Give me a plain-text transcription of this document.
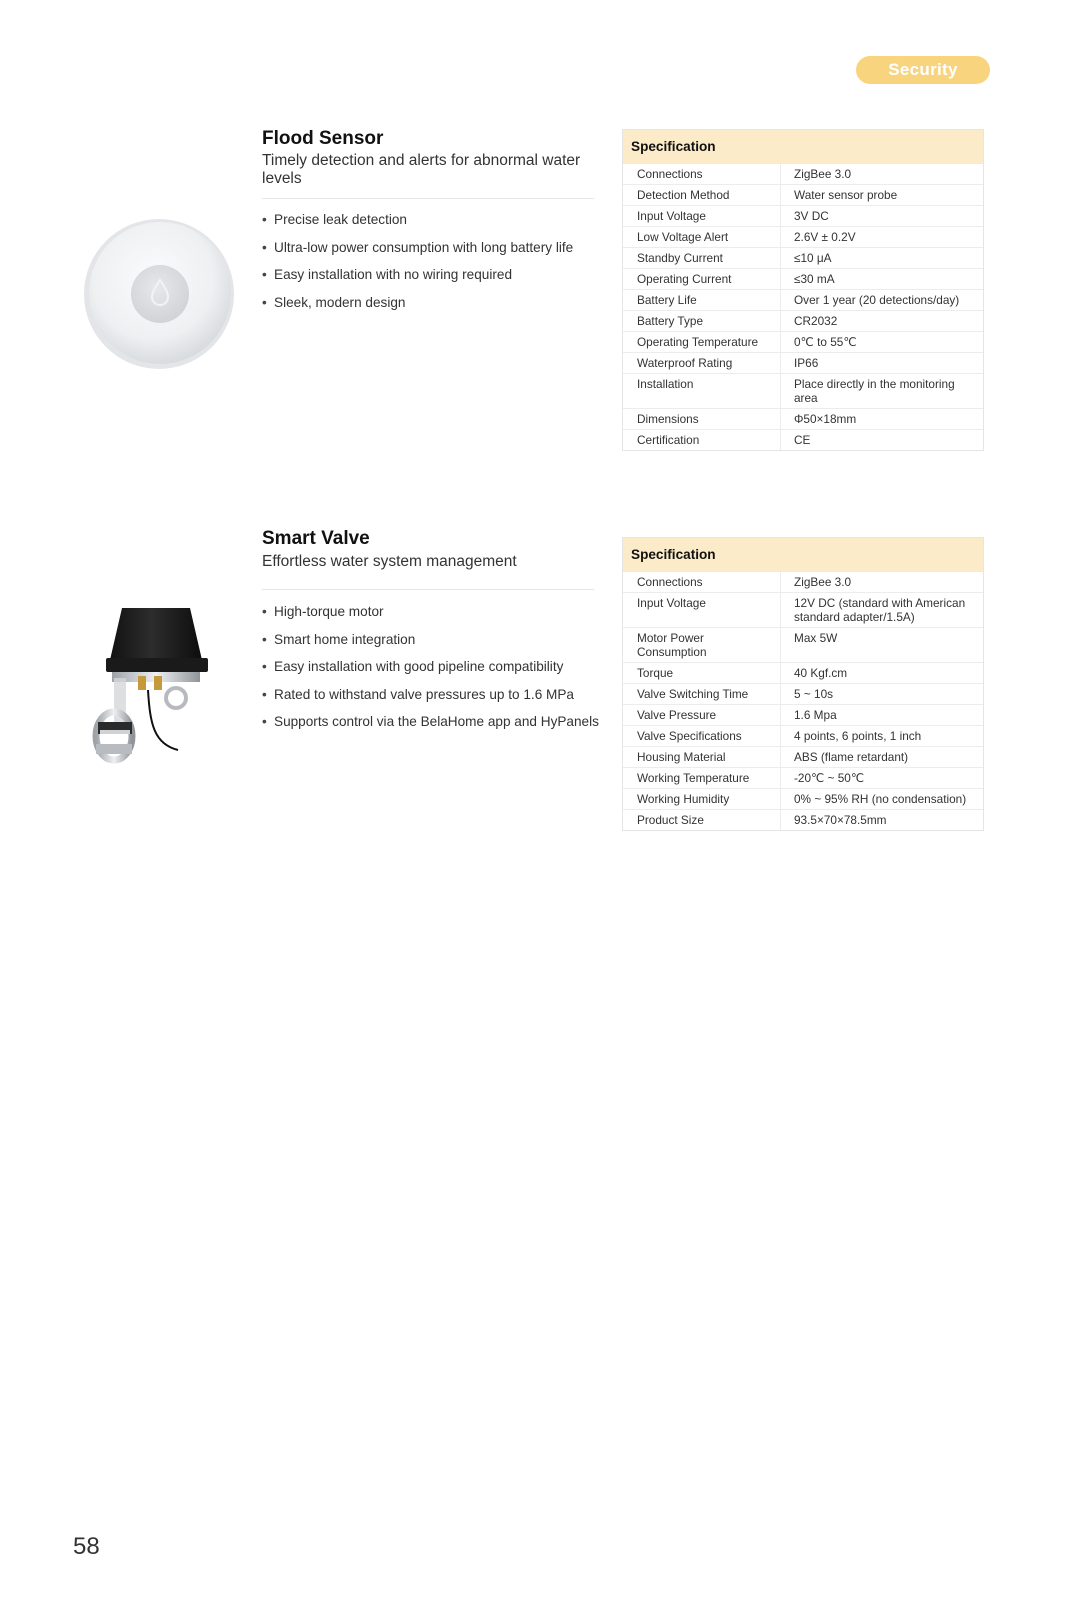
Security
Flood Sensor

Timely detection and alerts for abnormal water levels

• Precise leak detection
• Ultra-low power consumption with long battery life
• Easy installation with no wiring required
• Sleek, modern design
Specification
Connections	ZigBee 3.0
Detection Method	Water sensor probe
Input Voltage	3V DC
Low Voltage Alert	2.6V ± 0.2V
Standby Current	≤10 μA
Operating Current	≤30 mA
Battery Life	Over 1 year (20 detections/day)
Battery Type	CR2032
Operating Temperature	0℃ to 55℃
Waterproof Rating	IP66
Installation	Place directly in the monitoring area
Dimensions	Φ50×18mm
Certification	CE
Smart Valve

Effortless water system management

• High-torque motor
• Smart home integration
• Easy installation with good pipeline compatibility
• Rated to withstand valve pressures up to 1.6 MPa
• Supports control via the BelaHome app and HyPanels
Specification
Connections	ZigBee 3.0
Input Voltage	12V DC (standard with American standard adapter/1.5A)
Motor Power Consumption	Max 5W
Torque	40 Kgf.cm
Valve Switching Time	5 ~ 10s
Valve Pressure	1.6 Mpa
Valve Specifications	4 points, 6 points, 1 inch
Housing Material	ABS (flame retardant)
Working Temperature	-20℃ ~ 50℃
Working Humidity	0% ~ 95% RH (no condensation)
Product Size	93.5×70×78.5mm
58
